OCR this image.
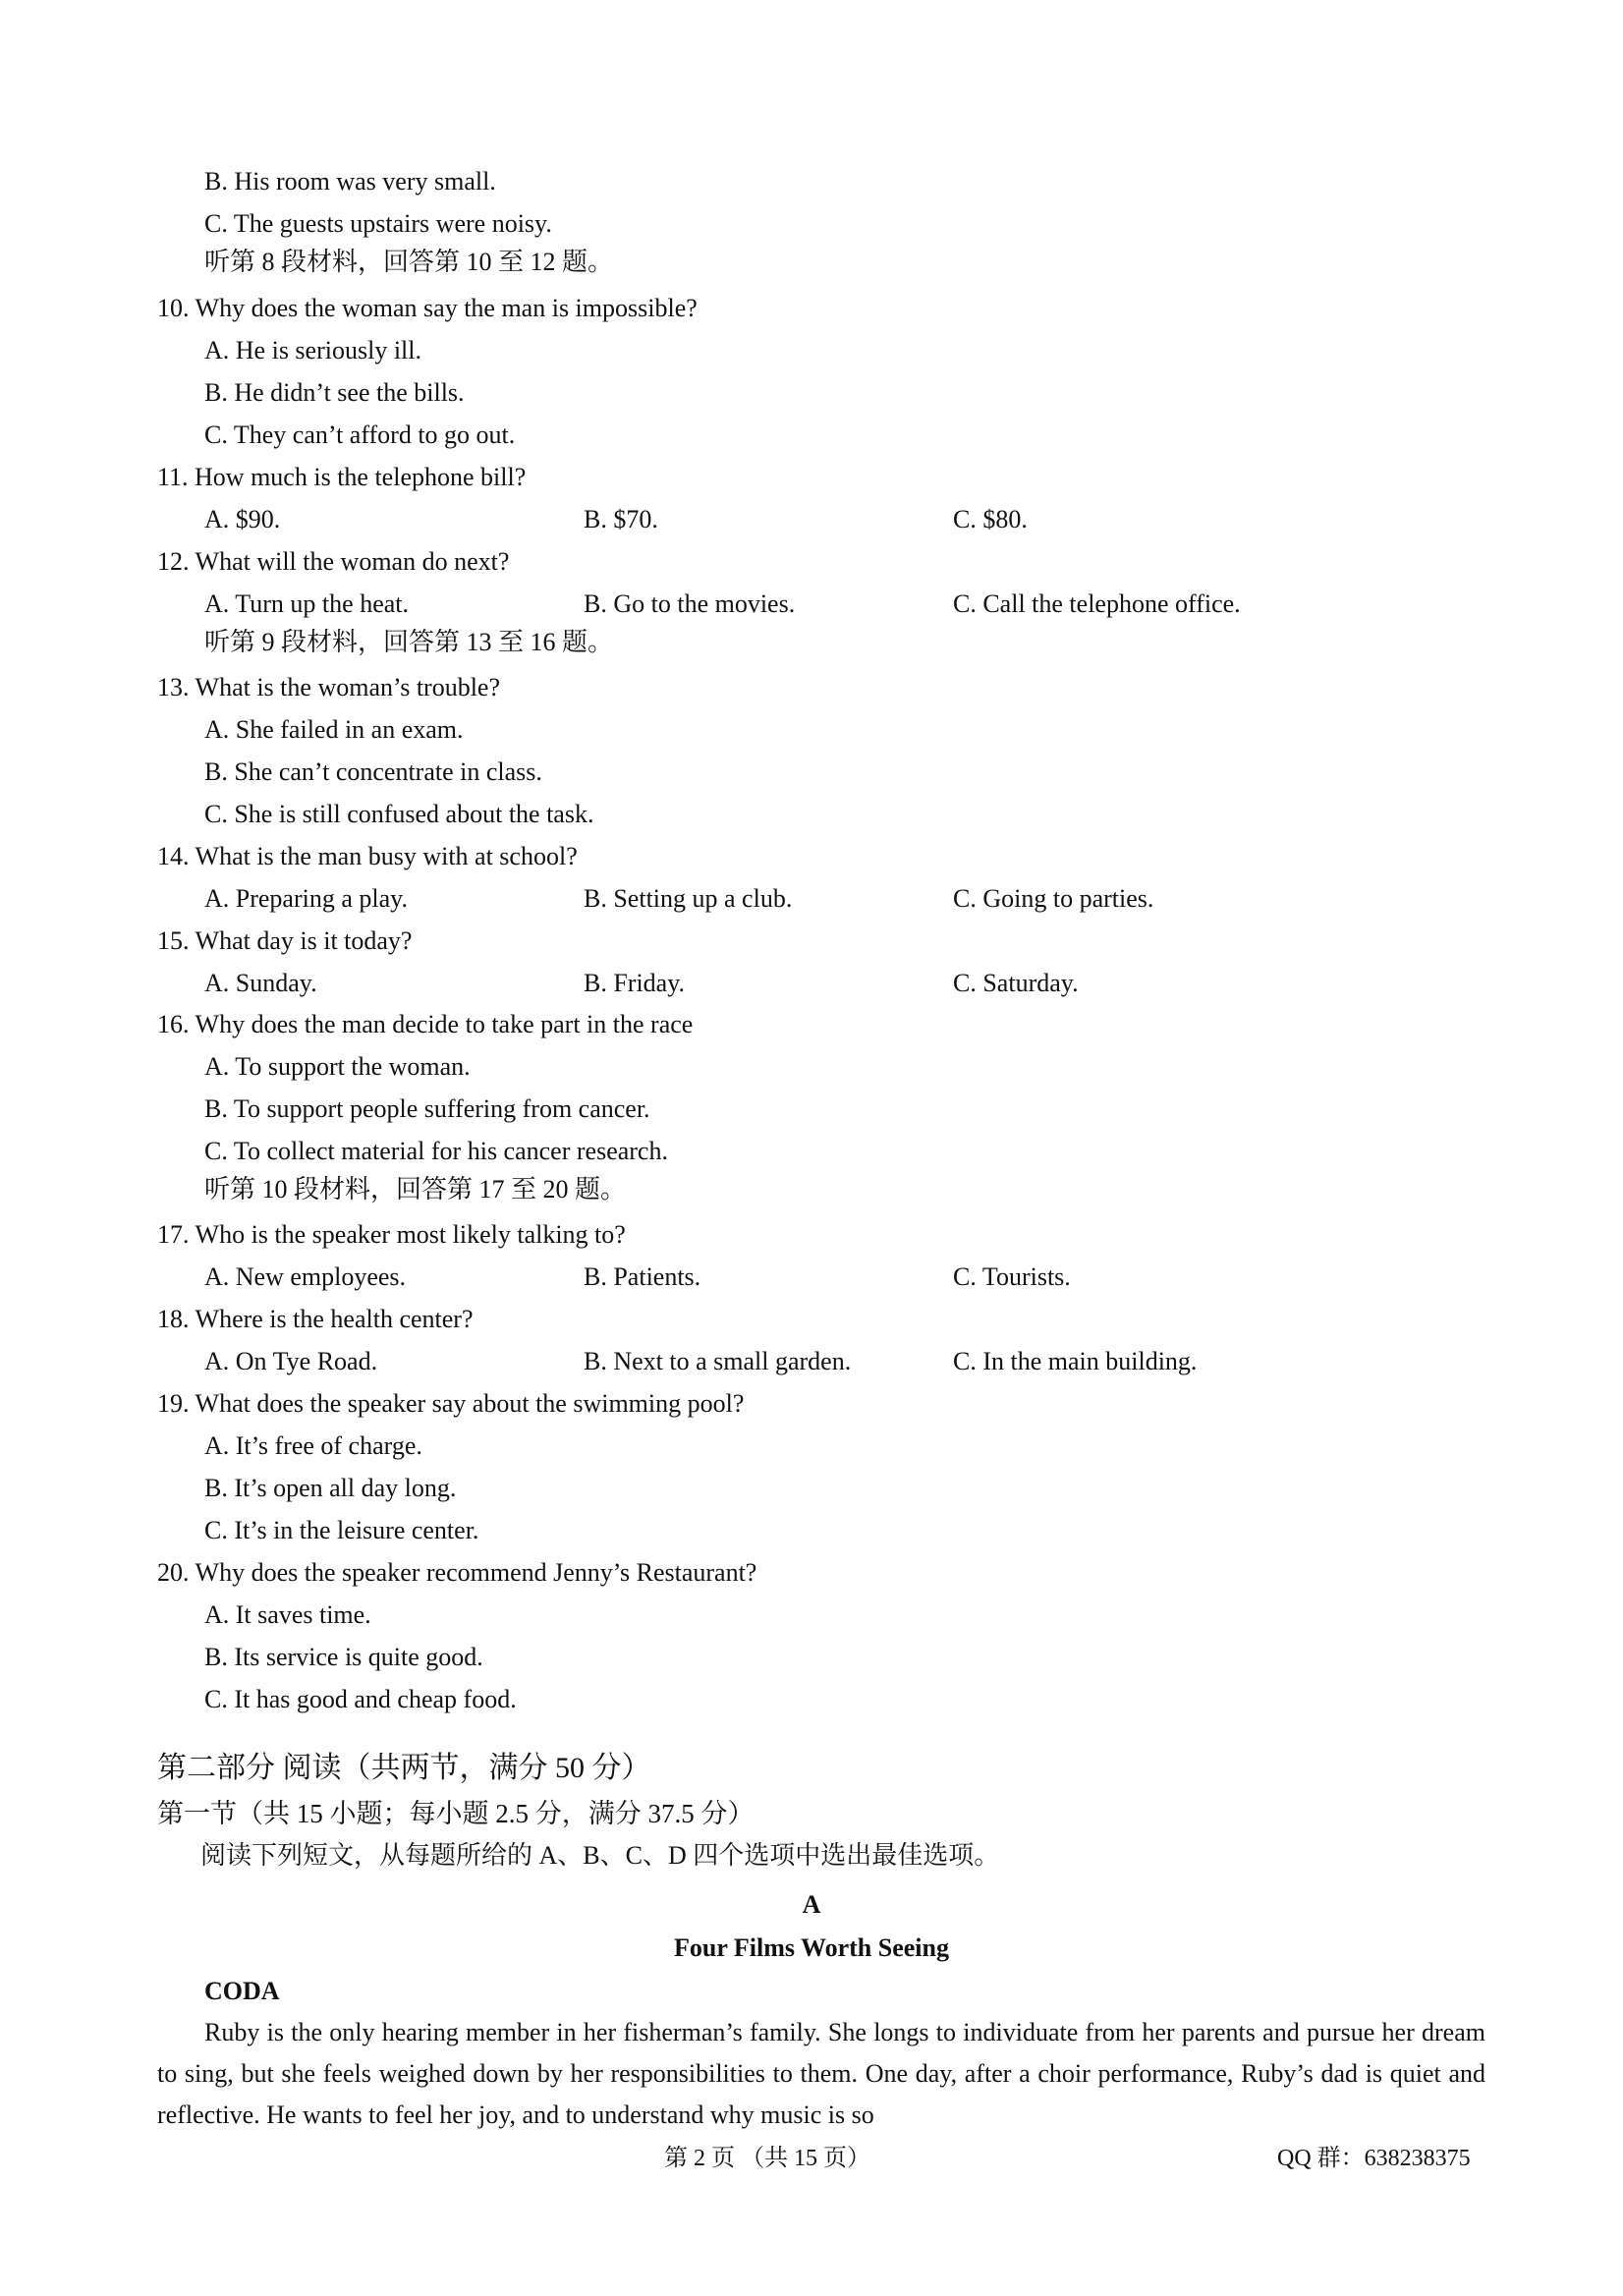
B. His room was very small.
C. The guests upstairs were noisy.
听第 8 段材料，回答第 10 至 12 题。
10. Why does the woman say the man is impossible?
A. He is seriously ill.
B. He didn’t see the bills.
C. They can’t afford to go out.
11. How much is the telephone bill?
A. $90.	B. $70.	C. $80.
12. What will the woman do next?
A. Turn up the heat.	B. Go to the movies.	C. Call the telephone office.
听第 9 段材料，回答第 13 至 16 题。
13. What is the woman’s trouble?
A. She failed in an exam.
B. She can’t concentrate in class.
C. She is still confused about the task.
14. What is the man busy with at school?
A. Preparing a play.	B. Setting up a club.	C. Going to parties.
15. What day is it today?
A. Sunday.	B. Friday.	C. Saturday.
16. Why does the man decide to take part in the race
A. To support the woman.
B. To support people suffering from cancer.
C. To collect material for his cancer research.
听第 10 段材料，回答第 17 至 20 题。
17. Who is the speaker most likely talking to?
A. New employees.	B. Patients.	C. Tourists.
18. Where is the health center?
A. On Tye Road.	B. Next to a small garden.	C. In the main building.
19. What does the speaker say about the swimming pool?
A. It’s free of charge.
B. It’s open all day long.
C. It’s in the leisure center.
20. Why does the speaker recommend Jenny’s Restaurant?
A. It saves time.
B. Its service is quite good.
C. It has good and cheap food.
第二部分 阅读（共两节，满分 50 分）
第一节（共 15 小题；每小题 2.5 分，满分 37.5 分）
阅读下列短文，从每题所给的 A、B、C、D 四个选项中选出最佳选项。
A
Four Films Worth Seeing
CODA
Ruby is the only hearing member in her fisherman’s family. She longs to individuate from her parents and pursue her dream to sing, but she feels weighed down by her responsibilities to them. One day, after a choir performance, Ruby’s dad is quiet and reflective. He wants to feel her joy, and to understand why music is so
第 2 页 （共 15 页）	QQ 群：638238375
